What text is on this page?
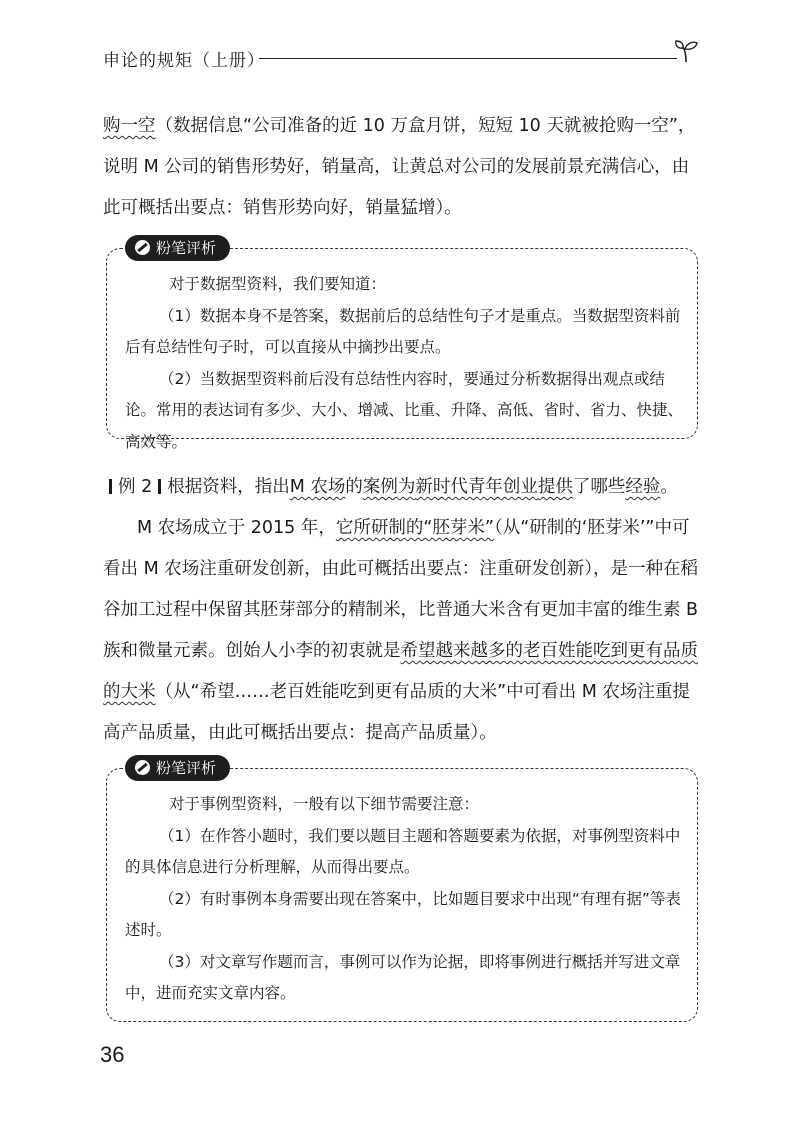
申论的规矩（上册）

购一空（数据信息“公司准备的近 10 万盒月饼，短短 10 天就被抢购一空”，说明 M 公司的销售形势好，销量高，让黄总对公司的发展前景充满信心，由此可概括出要点：销售形势向好，销量猛增）。

粉笔评析

对于数据型资料，我们要知道：

（1）数据本身不是答案，数据前后的总结性句子才是重点。当数据型资料前后有总结性句子时，可以直接从中摘抄出要点。

（2）当数据型资料前后没有总结性内容时，要通过分析数据得出观点或结论。常用的表达词有多少、大小、增减、比重、升降、高低、省时、省力、快捷、高效等。

例 2 根据资料，指出M 农场的案例为新时代青年创业提供了哪些经验。

M 农场成立于 2015 年，它所研制的“胚芽米”（从“研制的‘胚芽米’”中可看出 M 农场注重研发创新，由此可概括出要点：注重研发创新），是一种在稻谷加工过程中保留其胚芽部分的精制米，比普通大米含有更加丰富的维生素 B 族和微量元素。创始人小李的初衷就是希望越来越多的老百姓能吃到更有品质的大米（从“希望……老百姓能吃到更有品质的大米”中可看出 M 农场注重提高产品质量，由此可概括出要点：提高产品质量）。

粉笔评析

对于事例型资料，一般有以下细节需要注意：

（1）在作答小题时，我们要以题目主题和答题要素为依据，对事例型资料中的具体信息进行分析理解，从而得出要点。

（2）有时事例本身需要出现在答案中，比如题目要求中出现“有理有据”等表述时。

（3）对文章写作题而言，事例可以作为论据，即将事例进行概括并写进文章中，进而充实文章内容。

36
